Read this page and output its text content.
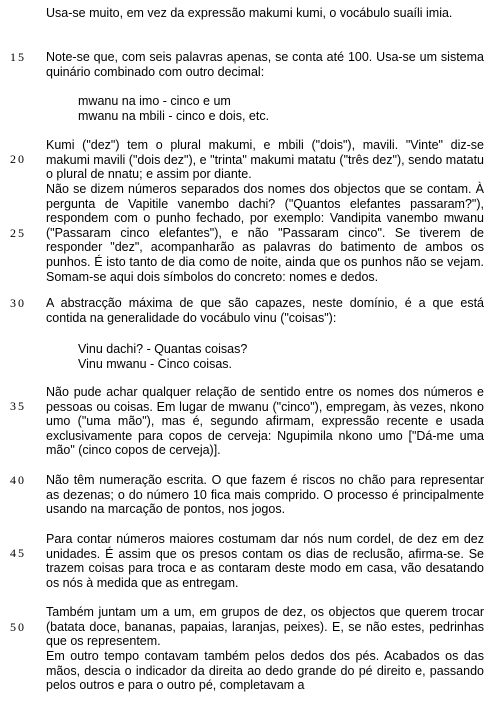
15
20
25
30
35
40
45
50

Usa-se muito, em vez da expressão makumi kumi, o vocábulo suaíli imia.

Note-se que, com seis palavras apenas, se conta até 100. Usa-se um sistema quinário combinado com outro decimal:

mwanu na imo - cinco e um
mwanu na mbili - cinco e dois, etc.

Kumi ("dez") tem o plural makumi, e mbili ("dois"), mavili. "Vinte" diz-se makumi mavili ("dois dez"), e "trinta" makumi matatu ("três dez"), sendo matatu o plural de nnatu; e assim por diante.

Não se dizem números separados dos nomes dos objectos que se contam. À pergunta de Vapitile vanembo dachi? ("Quantos elefantes passaram?"), respondem com o punho fechado, por exemplo: Vandipita vanembo mwanu ("Passaram cinco elefantes"), e não "Passaram cinco". Se tiverem de responder "dez", acompanharão as palavras do batimento de ambos os punhos. É isto tanto de dia como de noite, ainda que os punhos não se vejam. Somam-se aqui dois símbolos do concreto: nomes e dedos.

A abstracção máxima de que são capazes, neste domínio, é a que está contida na generalidade do vocábulo vinu ("coisas"):

Vinu dachi? - Quantas coisas?
Vinu mwanu - Cinco coisas.

Não pude achar qualquer relação de sentido entre os nomes dos números e pessoas ou coisas. Em lugar de mwanu ("cinco"), empregam, às vezes, nkono umo ("uma mão"), mas é, segundo afirmam, expressão recente e usada exclusivamente para copos de cerveja: Ngupimila nkono umo ["Dá-me uma mão" (cinco copos de cerveja)].

Não têm numeração escrita. O que fazem é riscos no chão para representar as dezenas; o do número 10 fica mais comprido. O processo é principalmente usando na marcação de pontos, nos jogos.

Para contar números maiores costumam dar nós num cordel, de dez em dez unidades. É assim que os presos contam os dias de reclusão, afirma-se. Se trazem coisas para troca e as contaram deste modo em casa, vão desatando os nós à medida que as entregam.

Também juntam um a um, em grupos de dez, os objectos que querem trocar (batata doce, bananas, papaias, laranjas, peixes). E, se não estes, pedrinhas que os representem.

Em outro tempo contavam também pelos dedos dos pés. Acabados os das mãos, descia o indicador da direita ao dedo grande do pé direito e, passando pelos outros e para o outro pé, completavam a
